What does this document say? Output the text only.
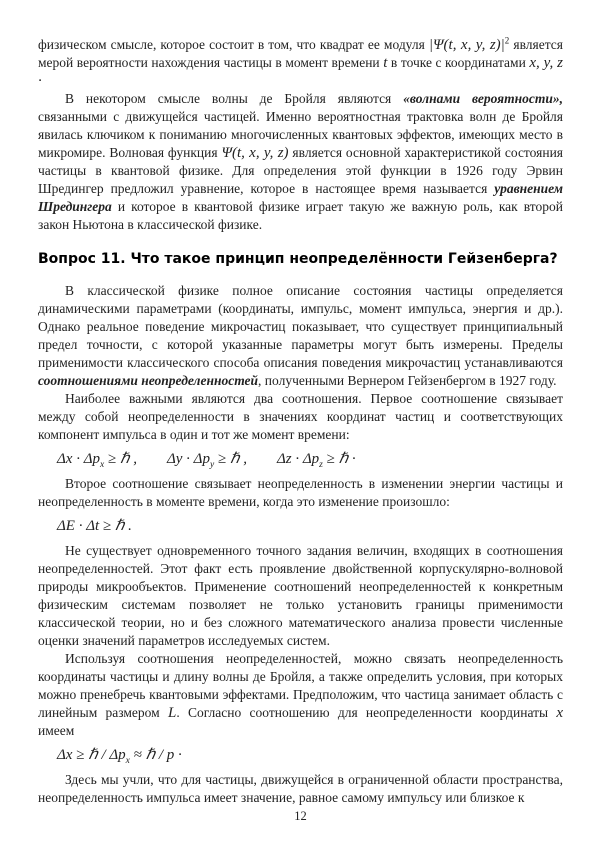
физическом смысле, которое состоит в том, что квадрат ее модуля |Ψ(t, x, y, $z)|^2$ является мерой вероятности нахождения частицы в момент времени t в точке с координатами x, y, z ·

В некотором смысле волны де Бройля являются «волнами вероятности», связанными с движущейся частицей. Именно вероятностная трактовка волн де Бройля явилась ключиком к пониманию многочисленных квантовых эффектов, имеющих место в микромире. Волновая функция Ψ(t, x, y, z) является основной характеристикой состояния частицы в квантовой физике. Для определения этой функции в 1926 году Эрвин Шредингер предложил уравнение, которое в настоящее время называется уравнением Шредингера и которое в квантовой физике играет такую же важную роль, как второй закон Ньютона в классической физике.

Вопрос 11. Что такое принцип неопределённости Гейзенберга?

В классической физике полное описание состояния частицы определяется динамическими параметрами (координаты, импульс, момент импульса, энергия и др.). Однако реальное поведение микрочастиц показывает, что существует принципиальный предел точности, с которой указанные параметры могут быть измерены. Пределы применимости классического способа описания поведения микрочастиц устанавливаются соотношениями неопределенностей, полученными Вернером Гейзенбергом в 1927 году.

Наиболее важными являются два соотношения. Первое соотношение связывает между собой неопределенности в значениях координат частиц и соответствующих компонент импульса в один и тот же момент времени:

$\Delta x \cdot \Delta p_x$ ≥ ℏ ,  $\Delta y \cdot \Delta p_y$ ≥ ℏ ,  $\Delta z \cdot \Delta p_z$ ≥ ℏ ·

Второе соотношение связывает неопределенность в изменении энергии частицы и неопределенность в моменте времени, когда это изменение произошло:

ΔE · Δt ≥ ℏ .

Не существует одновременного точного задания величин, входящих в соотношения неопределенностей. Этот факт есть проявление двойственной корпускулярно-волновой природы микрообъектов. Применение соотношений неопределенностей к конкретным физическим системам позволяет не только установить границы применимости классической теории, но и без сложного математического анализа провести численные оценки значений параметров исследуемых систем.

Используя соотношения неопределенностей, можно связать неопределенность координаты частицы и длину волны де Бройля, а также определить условия, при которых можно пренебречь квантовыми эффектами. Предположим, что частица занимает область с линейным размером L. Согласно соотношению для неопределенности координаты x имеем

Δx ≥ ℏ / $\Delta p_x$ ≈ ℏ / p ·

Здесь мы учли, что для частицы, движущейся в ограниченной области пространства, неопределенность импульса имеет значение, равное самому импульсу или близкое к

12
